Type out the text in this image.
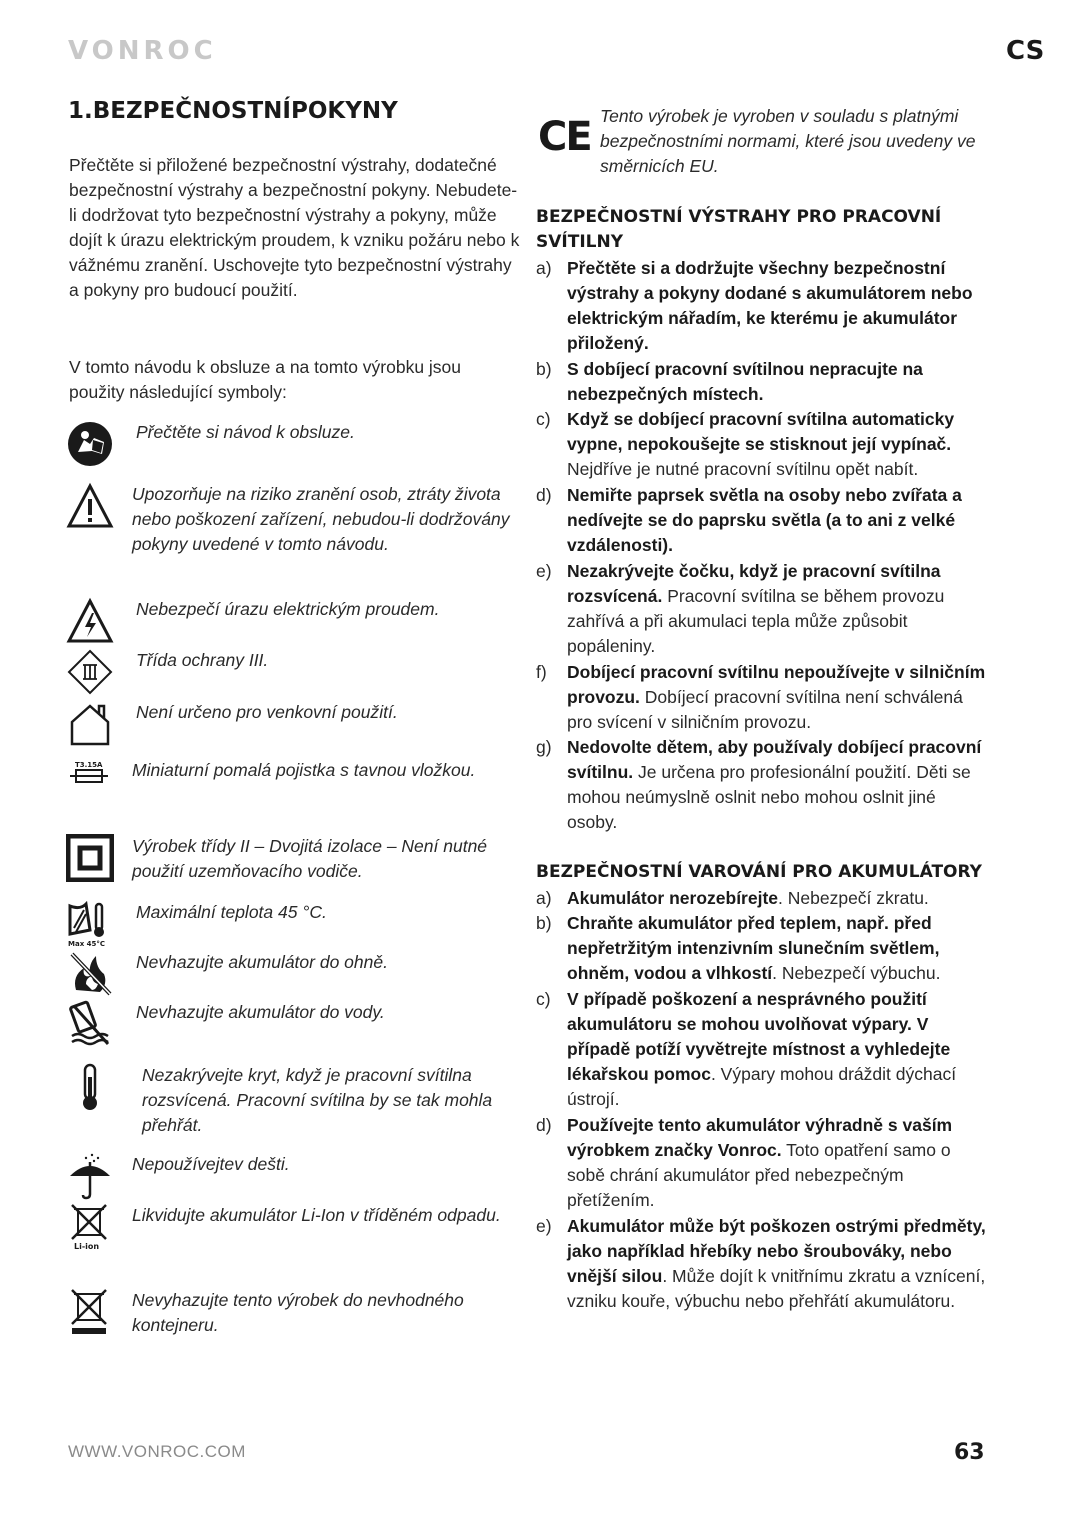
VONROC	CS
1.BEZPEČNOSTNÍPOKYNY
Přečtěte si přiložené bezpečnostní výstrahy, dodatečné bezpečnostní výstrahy a bezpečnostní pokyny. Nebudete-li dodržovat tyto bezpečnostní výstrahy a pokyny, může dojít k úrazu elektrickým proudem, k vzniku požáru nebo k vážnému zranění. Uschovejte tyto bezpečnostní výstrahy a pokyny pro budoucí použití.
V tomto návodu k obsluze a na tomto výrobku jsou použity následující symboly:
Přečtěte si návod k obsluze.
Upozorňuje na riziko zranění osob, ztráty života nebo poškození zařízení, nebudou-li dodržovány pokyny uvedené v tomto návodu.
Nebezpečí úrazu elektrickým proudem.
Třída ochrany III.
Není určeno pro venkovní použití.
T3.15A Miniaturní pomalá pojistka s tavnou vložkou.
Výrobek třídy II – Dvojitá izolace – Není nutné použití uzemňovacího vodiče.
Max 45°C
Maximální teplota 45 °C.
Nevhazujte akumulátor do ohně.
Nevhazujte akumulátor do vody.
Nezakrývejte kryt, když je pracovní svítilna rozsvícená. Pracovní svítilna by se tak mohla přehřát.
Nepoužívejtev dešti.
Li-ion
Likvidujte akumulátor Li-Ion v tříděném odpadu.
Nevyhazujte tento výrobek do nevhodného kontejneru.
CE Tento výrobek je vyroben v souladu s platnými bezpečnostními normami, které jsou uvedeny ve směrnicích EU.
BEZPEČNOSTNÍ VÝSTRAHY PRO PRACOVNÍ SVÍTILNY
a) Přečtěte si a dodržujte všechny bezpečnostní výstrahy a pokyny dodané s akumulátorem nebo elektrickým nářadím, ke kterému je akumulátor přiložený.
b) S dobíjecí pracovní svítilnou nepracujte na nebezpečných místech.
c) Když se dobíjecí pracovní svítilna automaticky vypne, nepokoušejte se stisknout její vypínač. Nejdříve je nutné pracovní svítilnu opět nabít.
d) Nemiřte paprsek světla na osoby nebo zvířata a nedívejte se do paprsku světla (a to ani z velké vzdálenosti).
e) Nezakrývejte čočku, když je pracovní svítilna rozsvícená. Pracovní svítilna se během provozu zahřívá a při akumulaci tepla může způsobit popáleniny.
f) Dobíjecí pracovní svítilnu nepoužívejte v silničním provozu. Dobíjecí pracovní svítilna není schválená pro svícení v silničním provozu.
g) Nedovolte dětem, aby používaly dobíjecí pracovní svítilnu. Je určena pro profesionální použití. Děti se mohou neúmyslně oslnit nebo mohou oslnit jiné osoby.
BEZPEČNOSTNÍ VAROVÁNÍ PRO AKUMULÁTORY
a) Akumulátor nerozebírejte. Nebezpečí zkratu.
b) Chraňte akumulátor před teplem, např. před nepřetržitým intenzivním slunečním světlem, ohněm, vodou a vlhkostí. Nebezpečí výbuchu.
c) V případě poškození a nesprávného použití akumulátoru se mohou uvolňovat výpary. V případě potíží vyvětrejte místnost a vyhledejte lékařskou pomoc. Výpary mohou dráždit dýchací ústrojí.
d) Používejte tento akumulátor výhradně s vaším výrobkem značky Vonroc. Toto opatření samo o sobě chrání akumulátor před nebezpečným přetížením.
e) Akumulátor může být poškozen ostrými předměty, jako například hřebíky nebo šroubováky, nebo vnější silou. Může dojít k vnitřnímu zkratu a vznícení, vzniku kouře, výbuchu nebo přehřátí akumulátoru.
WWW.VONROC.COM	63
